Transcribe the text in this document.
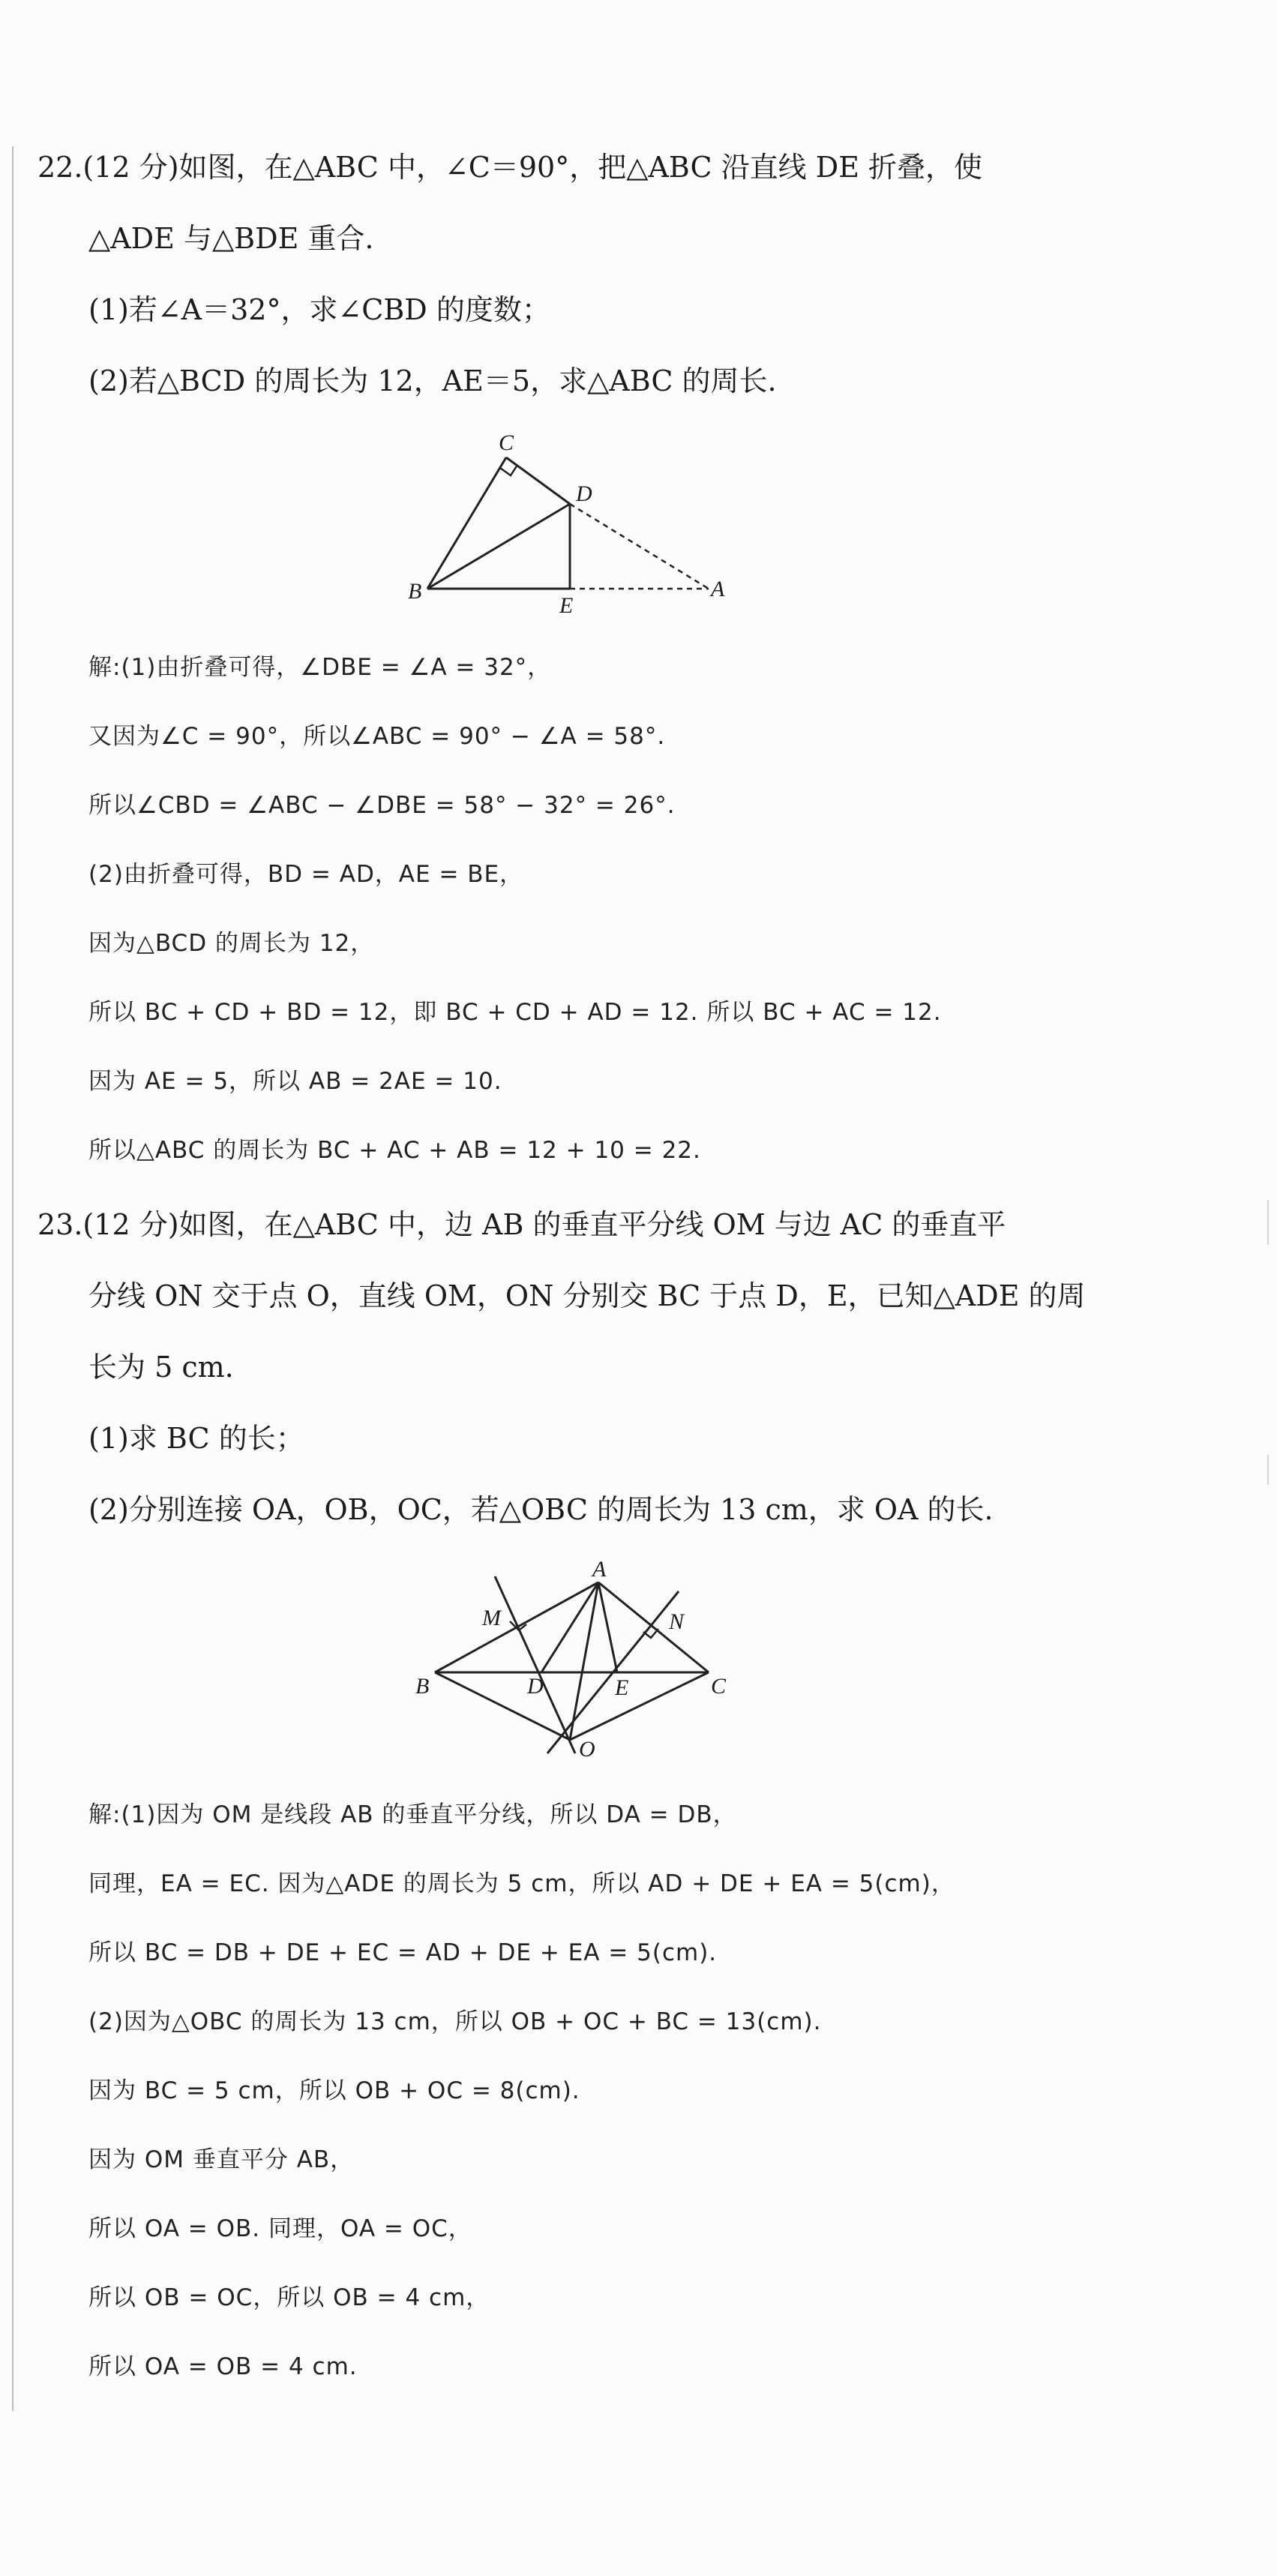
22.(12 分)如图，在△ABC 中，∠C＝90°，把△ABC 沿直线 DE 折叠，使
△ADE 与△BDE 重合.
(1)若∠A＝32°，求∠CBD 的度数；
(2)若△BCD 的周长为 12，AE＝5，求△ABC 的周长.
C
D
B
E
A
解:(1)由折叠可得，∠DBE = ∠A = 32°，
又因为∠C = 90°，所以∠ABC = 90° − ∠A = 58°.
所以∠CBD = ∠ABC − ∠DBE = 58° − 32° = 26°.
(2)由折叠可得，BD = AD，AE = BE，
因为△BCD 的周长为 12，
所以 BC + CD + BD = 12，即 BC + CD + AD = 12. 所以 BC + AC = 12.
因为 AE = 5，所以 AB = 2AE = 10.
所以△ABC 的周长为 BC + AC + AB = 12 + 10 = 22.
23.(12 分)如图，在△ABC 中，边 AB 的垂直平分线 OM 与边 AC 的垂直平
分线 ON 交于点 O，直线 OM，ON 分别交 BC 于点 D，E，已知△ADE 的周
长为 5 cm.
(1)求 BC 的长；
(2)分别连接 OA，OB，OC，若△OBC 的周长为 13 cm，求 OA 的长.
A
M	N
B	D	E	C
O
解:(1)因为 OM 是线段 AB 的垂直平分线，所以 DA = DB，
同理，EA = EC. 因为△ADE 的周长为 5 cm，所以 AD + DE + EA = 5(cm)，
所以 BC = DB + DE + EC = AD + DE + EA = 5(cm).
(2)因为△OBC 的周长为 13 cm，所以 OB + OC + BC = 13(cm).
因为 BC = 5 cm，所以 OB + OC = 8(cm).
因为 OM 垂直平分 AB，
所以 OA = OB. 同理，OA = OC，
所以 OB = OC，所以 OB = 4 cm，
所以 OA = OB = 4 cm.
